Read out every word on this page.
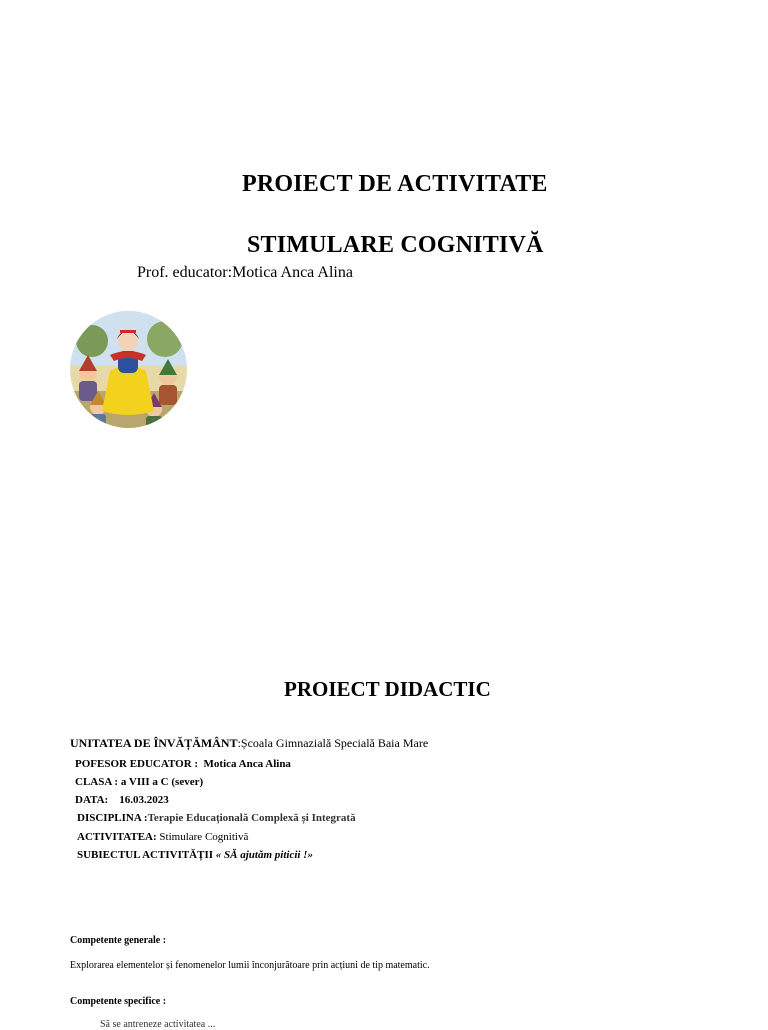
PROIECT DE ACTIVITATE
STIMULARE COGNITIVĂ
Prof. educator:Motica Anca Alina
PROIECT DIDACTIC
UNITATEA DE ÎNVĂȚĂMÂNT:Școala Gimnazială Specială Baia Mare
POFESOR EDUCATOR : Motica Anca Alina
CLASA : a VIII a C (sever)
DATA: 16.03.2023
DISCIPLINA :Terapie Educațională Complexă și Integrată
ACTIVITATEA: Stimulare Cognitivă
SUBIECTUL ACTIVITĂȚII « SĂ ajutăm piticii !»
Competente generale :
Explorarea elementelor și fenomenelor lumii înconjurătoare prin acțiuni de tip matematic.
Competente specifice :
Sã se antreneze activitatea ...
